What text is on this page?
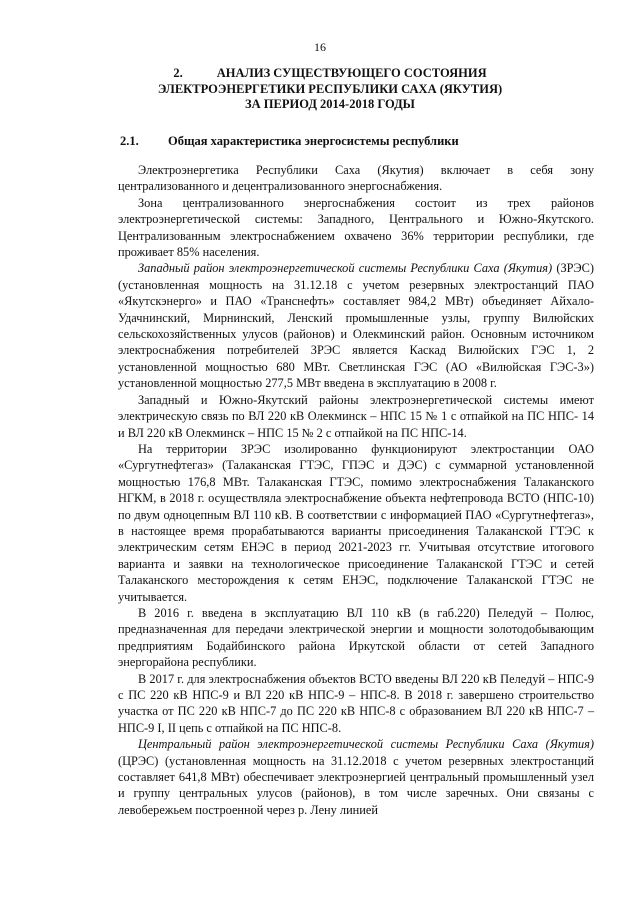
16
2.	АНАЛИЗ СУЩЕСТВУЮЩЕГО СОСТОЯНИЯ
ЭЛЕКТРОЭНЕРГЕТИКИ РЕСПУБЛИКИ САХА (ЯКУТИЯ)
ЗА ПЕРИОД 2014-2018 ГОДЫ
2.1. Общая характеристика энергосистемы республики

Электроэнергетика Республики Саха (Якутия) включает в себя зону централизованного и децентрализованного энергоснабжения.

Зона централизованного энергоснабжения состоит из трех районов электроэнергетической системы: Западного, Центрального и Южно-Якутского. Централизованным электроснабжением охвачено 36% территории республики, где проживает 85% населения.

Западный район электроэнергетической системы Республики Саха (Якутия) (ЗРЭС) (установленная мощность на 31.12.18 с учетом резервных электростанций ПАО «Якутскэнерго» и ПАО «Транснефть» составляет 984,2 МВт) объединяет Айхало-Удачнинский, Мирнинский, Ленский промышленные узлы, группу Вилюйских сельскохозяйственных улусов (районов) и Олекминский район. Основным источником электроснабжения потребителей ЗРЭС является Каскад Вилюйских ГЭС 1, 2 установленной мощностью 680 МВт. Светлинская ГЭС (АО «Вилюйская ГЭС-3») установленной мощностью 277,5 МВт введена в эксплуатацию в 2008 г.

Западный и Южно-Якутский районы электроэнергетической системы имеют электрическую связь по ВЛ 220 кВ Олекминск – НПС 15 № 1 с отпайкой на ПС НПС- 14 и ВЛ 220 кВ Олекминск – НПС 15 № 2 с отпайкой на ПС НПС-14.

На территории ЗРЭС изолированно функционируют электростанции ОАО «Сургутнефтегаз» (Талаканская ГТЭС, ГПЭС и ДЭС) с суммарной установленной мощностью 176,8 МВт. Талаканская ГТЭС, помимо электроснабжения Талаканского НГКМ, в 2018 г. осуществляла электроснабжение объекта нефтепровода ВСТО (НПС-10) по двум одноцепным ВЛ 110 кВ. В соответствии с информацией ПАО «Сургутнефтегаз», в настоящее время прорабатываются варианты присоединения Талаканской ГТЭС к электрическим сетям ЕНЭС в период 2021-2023 гг. Учитывая отсутствие итогового варианта и заявки на технологическое присоединение Талаканской ГТЭС и сетей Талаканского месторождения к сетям ЕНЭС, подключение Талаканской ГТЭС не учитывается.

В 2016 г. введена в эксплуатацию ВЛ 110 кВ (в габ.220) Пеледуй – Полюс, предназначенная для передачи электрической энергии и мощности золотодобывающим предприятиям Бодайбинского района Иркутской области от сетей Западного энергорайона республики.

В 2017 г. для электроснабжения объектов ВСТО введены ВЛ 220 кВ Пеледуй – НПС-9 с ПС 220 кВ НПС-9 и ВЛ 220 кВ НПС-9 – НПС-8. В 2018 г. завершено строительство участка от ПС 220 кВ НПС-7 до ПС 220 кВ НПС-8 с образованием ВЛ 220 кВ НПС-7 – НПС-9 I, II цепь с отпайкой на ПС НПС-8.

Центральный район электроэнергетической системы Республики Саха (Якутия) (ЦРЭС) (установленная мощность на 31.12.2018 с учетом резервных электростанций составляет 641,8 МВт) обеспечивает электроэнергией центральный промышленный узел и группу центральных улусов (районов), в том числе заречных. Они связаны с левобережьем построенной через р. Лену линией
